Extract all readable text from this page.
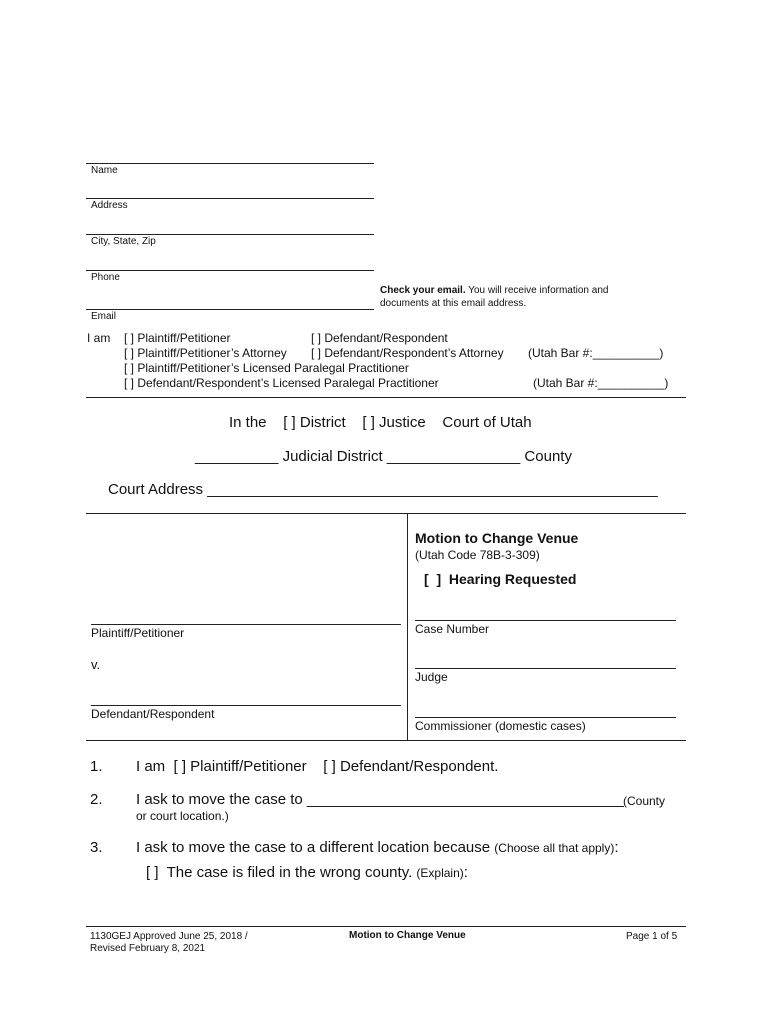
Name
Address
City, State, Zip
Phone
Email
Check your email. You will receive information and
documents at this email address.
I am [ ] Plaintiff/Petitioner	[ ] Defendant/Respondent
[ ] Plaintiff/Petitioner’s Attorney [ ] Defendant/Respondent’s Attorney (Utah Bar #:__________)
[ ] Plaintiff/Petitioner’s Licensed Paralegal Practitioner
[ ] Defendant/Respondent’s Licensed Paralegal Practitioner	(Utah Bar #:__________)
In the    [ ] District    [ ] Justice    Court of Utah
__________ Judicial District ________________ County
Court Address ______________________________________________________
Motion to Change Venue
(Utah Code 78B-3-309)
[  ]  Hearing Requested
Plaintiff/Petitioner
v.
Defendant/Respondent
Case Number
Judge
Commissioner (domestic cases)
1. I am  [ ] Plaintiff/Petitioner    [ ] Defendant/Respondent.
2. I ask to move the case to ______________________________________ (County
or court location.)
3. I ask to move the case to a different location because (Choose all that apply):
[ ]  The case is filed in the wrong county. (Explain):
1130GEJ Approved June 25, 2018 /
Revised February 8, 2021
Motion to Change Venue	Page 1 of 5
